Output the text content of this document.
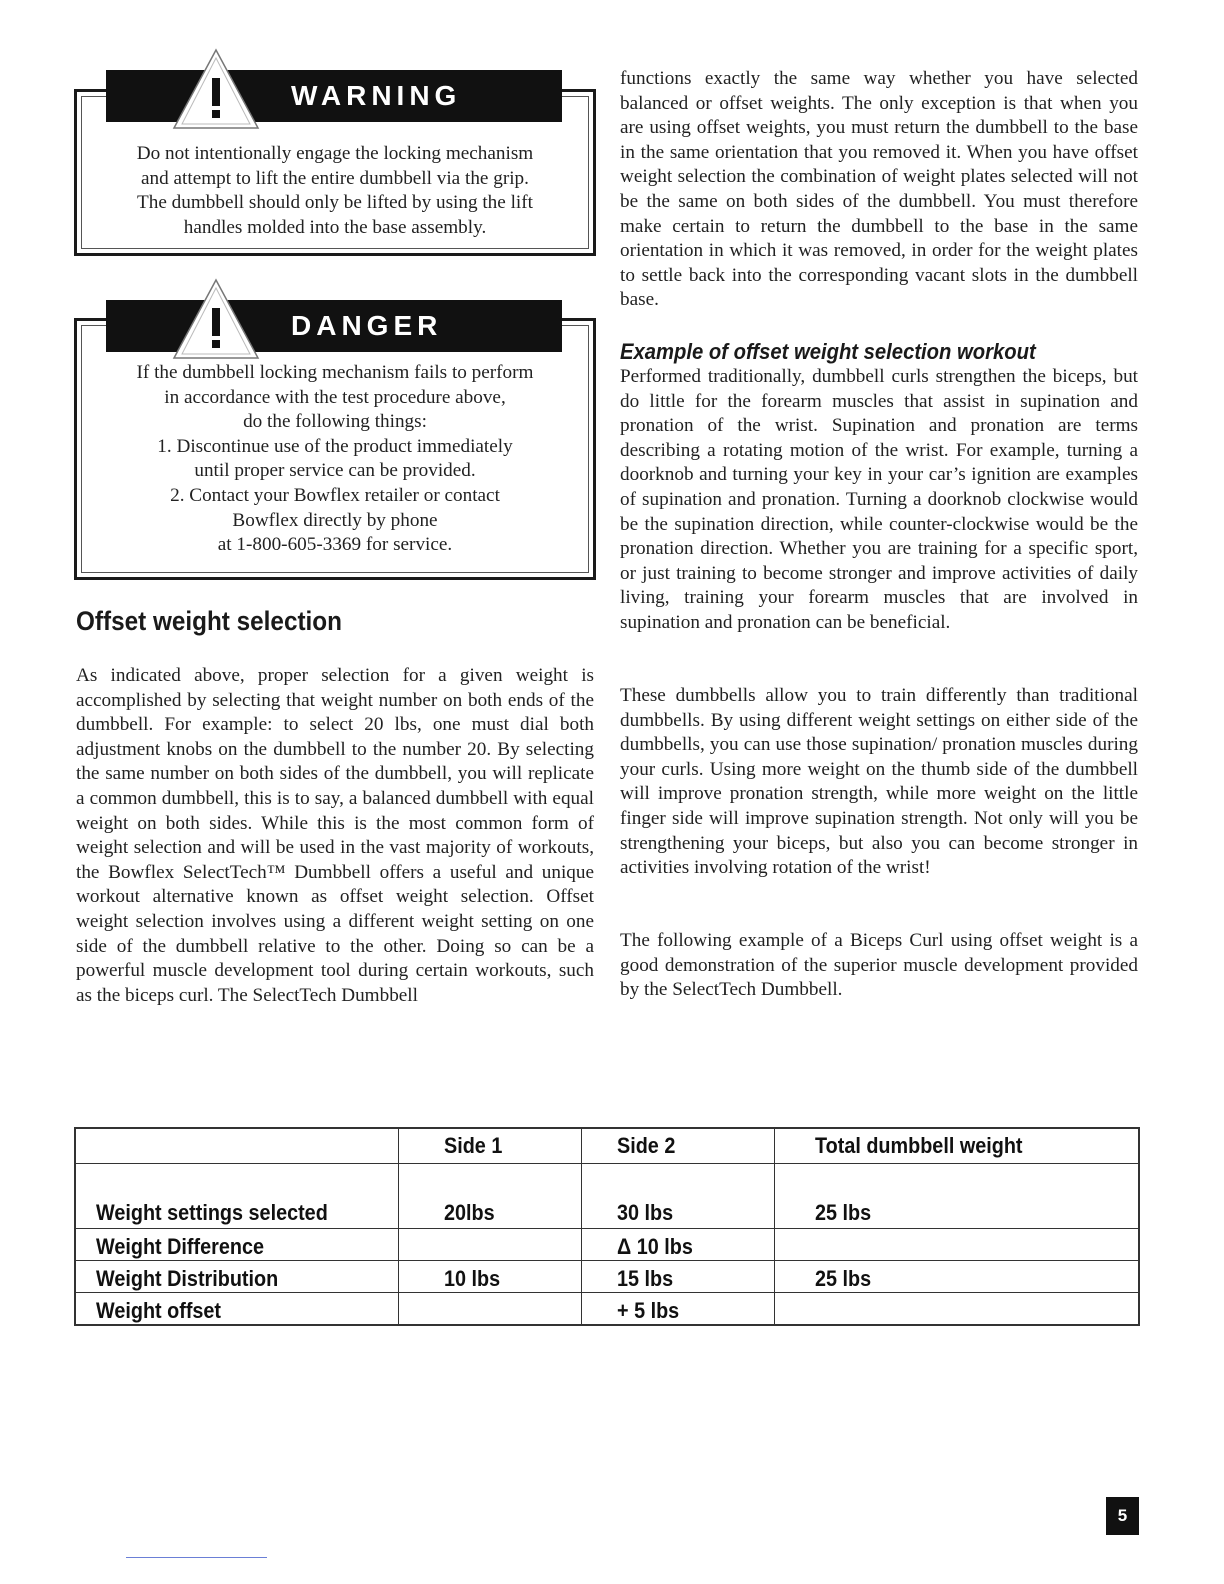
WARNING
Do not intentionally engage the locking mechanism
and attempt to lift the entire dumbbell via the grip.
The dumbbell should only be lifted by using the lift
handles molded into the base assembly.
DANGER
If the dumbbell locking mechanism fails to perform
in accordance with the test procedure above,
do the following things:
1. Discontinue use of the product immediately
until proper service can be provided.
2. Contact your Bowflex retailer or contact
Bowflex directly by phone
at 1-800-605-3369 for service.
Offset weight selection

As indicated above, proper selection for a given weight is accomplished by selecting that weight number on both ends of the dumbbell. For example: to select 20 lbs, one must dial both adjustment knobs on the dumbbell to the number 20. By selecting the same number on both sides of the dumbbell, you will replicate a common dumbbell, this is to say, a balanced dumbbell with equal weight on both sides. While this is the most common form of weight selection and will be used in the vast majority of workouts, the Bowflex SelectTech™ Dumbbell offers a useful and unique workout alternative known as offset weight selection. Offset weight selection involves using a different weight setting on one side of the dumbbell relative to the other. Doing so can be a powerful muscle development tool during certain workouts, such as the biceps curl. The SelectTech Dumbbell

functions exactly the same way whether you have selected balanced or offset weights. The only exception is that when you are using offset weights, you must return the dumbbell to the base in the same orientation that you removed it. When you have offset weight selection the combination of weight plates selected will not be the same on both sides of the dumbbell. You must therefore make certain to return the dumbbell to the base in the same orientation in which it was removed, in order for the weight plates to settle back into the corresponding vacant slots in the dumbbell base.

Example of offset weight selection workout

Performed traditionally, dumbbell curls strengthen the biceps, but do little for the forearm muscles that assist in supination and pronation of the wrist. Supination and pronation are terms describing a rotating motion of the wrist. For example, turning a doorknob and turning your key in your car’s ignition are examples of supination and pronation. Turning a doorknob clockwise would be the supination direction, while counter-clockwise would be the pronation direction. Whether you are training for a specific sport, or just training to become stronger and improve activities of daily living, training your forearm muscles that are involved in supination and pronation can be beneficial.

These dumbbells allow you to train differently than traditional dumbbells. By using different weight settings on either side of the dumbbells, you can use those supination/ pronation muscles during your curls. Using more weight on the thumb side of the dumbbell will improve pronation strength, while more weight on the little finger side will improve supination strength. Not only will you be strengthening your biceps, but also you can become stronger in activities involving rotation of the wrist!

The following example of a Biceps Curl using offset weight is a good demonstration of the superior muscle development provided by the SelectTech Dumbbell.

	Side 1	Side 2	Total dumbbell weight
Weight settings selected	20lbs	30 lbs	25 lbs
Weight Difference		Δ 10 lbs	
Weight Distribution	10 lbs	15 lbs	25 lbs
Weight offset		+ 5 lbs	
5
